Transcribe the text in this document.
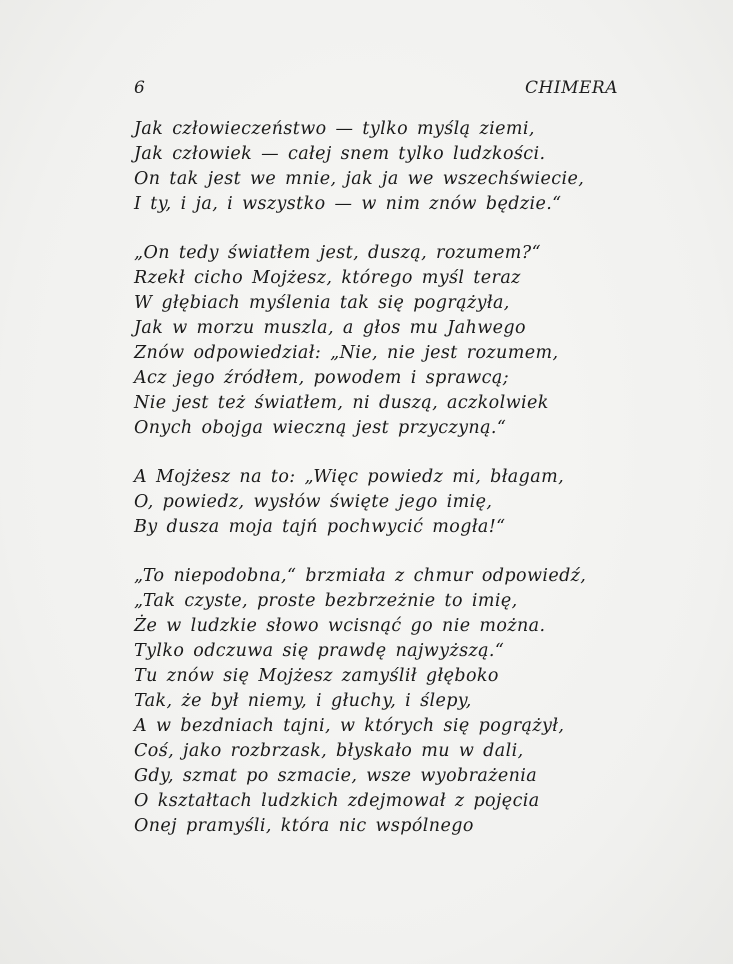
6	CHIMERA
Jak człowieczeństwo — tylko myślą ziemi,
Jak człowiek — całej snem tylko ludzkości.
On tak jest we mnie, jak ja we wszechświecie,
I ty, i ja, i wszystko — w nim znów będzie.“
„On tedy światłem jest, duszą, rozumem?“
Rzekł cicho Mojżesz, którego myśl teraz
W głębiach myślenia tak się pogrążyła,
Jak w morzu muszla, a głos mu Jahwego
Znów odpowiedział: „Nie, nie jest rozumem,
Acz jego źródłem, powodem i sprawcą;
Nie jest też światłem, ni duszą, aczkolwiek
Onych obojga wieczną jest przyczyną.“
A Mojżesz na to: „Więc powiedz mi, błagam,
O, powiedz, wysłów święte jego imię,
By dusza moja tajń pochwycić mogła!“
„To niepodobna,“ brzmiała z chmur odpowiedź,
„Tak czyste, proste bezbrzeżnie to imię,
Że w ludzkie słowo wcisnąć go nie można.
Tylko odczuwa się prawdę najwyższą.“
Tu znów się Mojżesz zamyślił głęboko
Tak, że był niemy, i głuchy, i ślepy,
A w bezdniach tajni, w których się pogrążył,
Coś, jako rozbrzask, błyskało mu w dali,
Gdy, szmat po szmacie, wsze wyobrażenia
O kształtach ludzkich zdejmował z pojęcia
Onej pramyśli, która nic wspólnego
